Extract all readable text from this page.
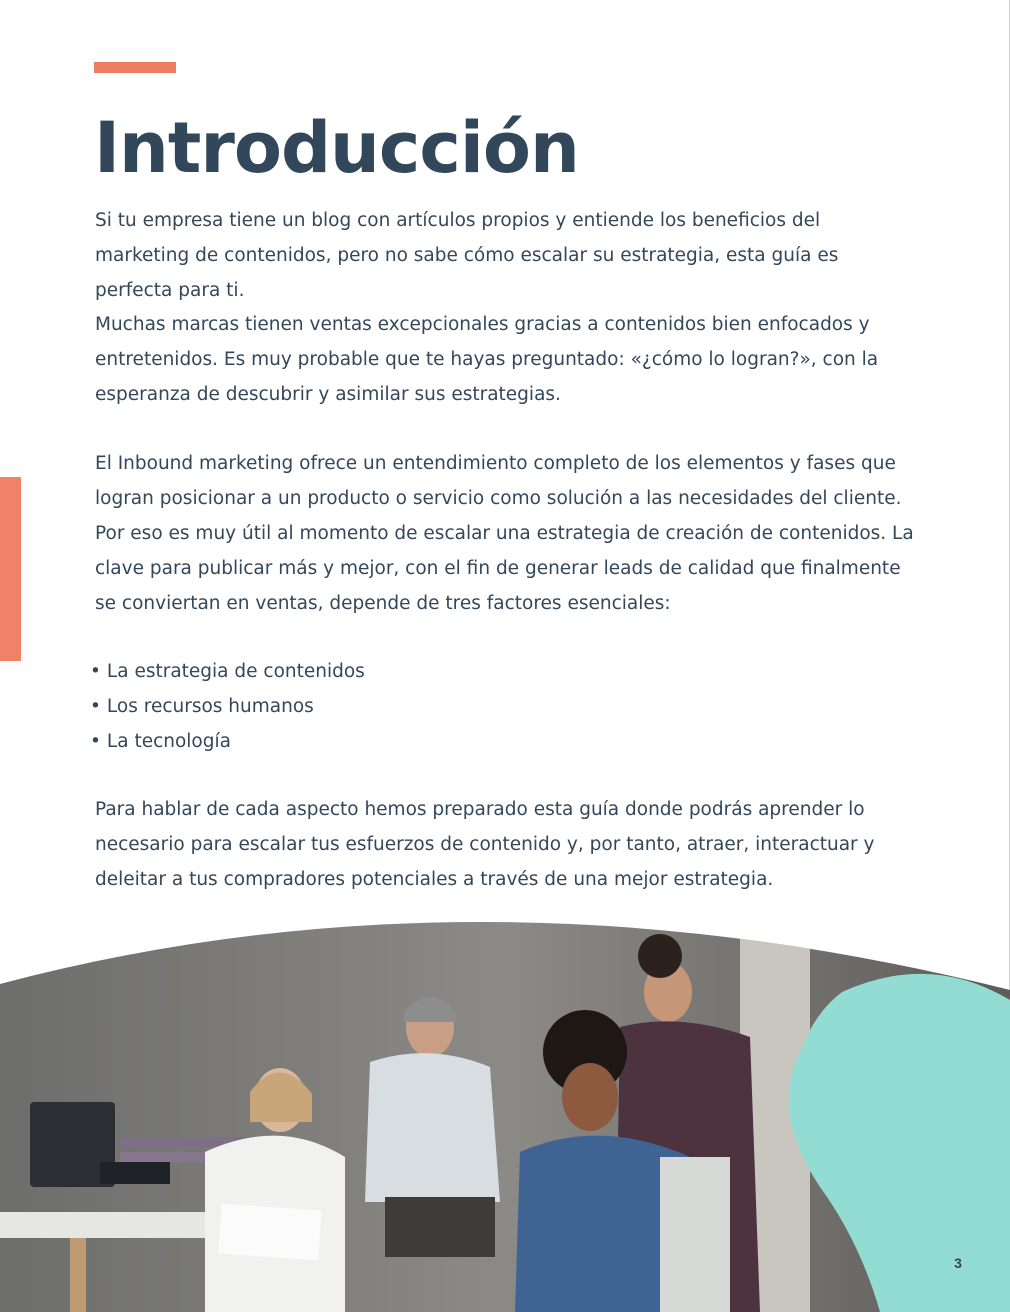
Introducción

Si tu empresa tiene un blog con artículos propios y entiende los beneficios del marketing de contenidos, pero no sabe cómo escalar su estrategia, esta guía es perfecta para ti.

Muchas marcas tienen ventas excepcionales gracias a contenidos bien enfocados y entretenidos. Es muy probable que te hayas preguntado: «¿cómo lo logran?», con la esperanza de descubrir y asimilar sus estrategias.

El Inbound marketing ofrece un entendimiento completo de los elementos y fases que logran posicionar a un producto o servicio como solución a las necesidades del cliente. Por eso es muy útil al momento de escalar una estrategia de creación de contenidos. La clave para publicar más y mejor, con el fin de generar leads de calidad que finalmente se conviertan en ventas, depende de tres factores esenciales:

• La estrategia de contenidos
• Los recursos humanos
• La tecnología

Para hablar de cada aspecto hemos preparado esta guía donde podrás aprender lo necesario para escalar tus esfuerzos de contenido y, por tanto, atraer, interactuar y deleitar a tus compradores potenciales a través de una mejor estrategia.

3
